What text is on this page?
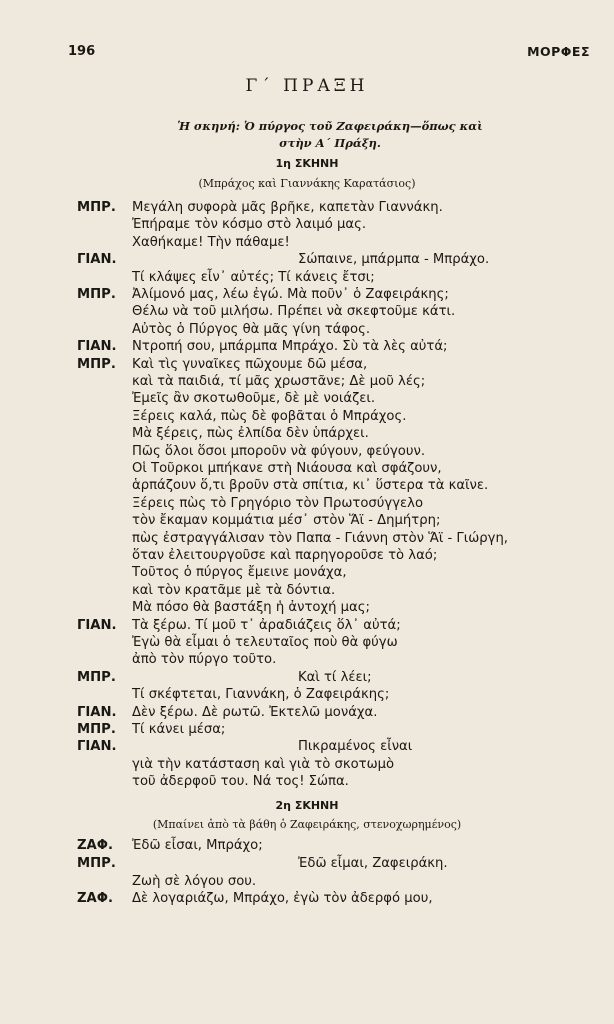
196	ΜΟΡΦΕΣ
Γ΄ ΠΡΑΞΗ
Ἡ σκηνή: Ὁ πύργος τοῦ Ζαφειράκη—ὅπως καὶ
στὴν Α΄ Πράξη.
1η ΣΚΗΝΗ
(Μπράχος καὶ Γιαννάκης Καρατάσιος)
ΜΠΡ. Μεγάλη συφορὰ μᾶς βρῆκε, καπετὰν Γιαννάκη.
Ἐπήραμε τὸν κόσμο στὸ λαιμό μας.
Χαθήκαμε! Τὴν πάθαμε!
ΓΙΑΝ.	Σώπαινε, μπάρμπα - Μπράχο.
Τί κλάψες εἶν᾽ αὐτές; Τί κάνεις ἔτσι;
ΜΠΡ. Ἀλίμονό μας, λέω ἐγώ. Μὰ ποῦν᾽ ὁ Ζαφειράκης;
Θέλω νὰ τοῦ μιλήσω. Πρέπει νὰ σκεφτοῦμε κάτι.
Αὐτὸς ὁ Πύργος θὰ μᾶς γίνη τάφος.
ΓΙΑΝ. Ντροπή σου, μπάρμπα Μπράχο. Σὺ τὰ λὲς αὐτά;
ΜΠΡ. Καὶ τὶς γυναῖκες πῶχουμε δῶ μέσα,
καὶ τὰ παιδιά, τί μᾶς χρωστᾶνε; Δὲ μοῦ λές;
Ἐμεῖς ἂν σκοτωθοῦμε, δὲ μὲ νοιάζει.
Ξέρεις καλά, πὼς δὲ φοβᾶται ὁ Μπράχος.
Μὰ ξέρεις, πὼς ἐλπίδα δὲν ὑπάρχει.
Πῶς ὅλοι ὅσοι μποροῦν νὰ φύγουν, φεύγουν.
Οἱ Τοῦρκοι μπήκανε στὴ Νιάουσα καὶ σφάζουν,
ἁρπάζουν ὅ,τι βροῦν στὰ σπίτια, κι᾽ ὕστερα τὰ καῖνε.
Ξέρεις πὼς τὸ Γρηγόριο τὸν Πρωτοσύγγελο
τὸν ἔκαμαν κομμάτια μέσ᾽ στὸν Ἅϊ - Δημήτρη;
πὼς ἐστραγγάλισαν τὸν Παπα - Γιάννη στὸν Ἅϊ - Γιώργη,
ὅταν ἐλειτουργοῦσε καὶ παρηγοροῦσε τὸ λαό;
Τοῦτος ὁ πύργος ἔμεινε μονάχα,
καὶ τὸν κρατᾶμε μὲ τὰ δόντια.
Μὰ πόσο θὰ βαστάξη ἡ ἀντοχή μας;
ΓΙΑΝ. Τὰ ξέρω. Τί μοῦ τ᾽ ἀραδιάζεις ὅλ᾽ αὐτά;
Ἐγὼ θὰ εἶμαι ὁ τελευταῖος ποὺ θὰ φύγω
ἀπὸ τὸν πύργο τοῦτο.
ΜΠΡ.	Καὶ τί λέει;
Τί σκέφτεται, Γιαννάκη, ὁ Ζαφειράκης;
ΓΙΑΝ. Δὲν ξέρω. Δὲ ρωτῶ. Ἐκτελῶ μονάχα.
ΜΠΡ. Τί κάνει μέσα;
ΓΙΑΝ.	Πικραμένος εἶναι
γιὰ τὴν κατάσταση καὶ γιὰ τὸ σκοτωμὸ
τοῦ ἀδερφοῦ του. Νά τος! Σώπα.
2η ΣΚΗΝΗ
(Μπαίνει ἀπὸ τὰ βάθη ὁ Ζαφειράκης, στενοχωρημένος)
ΖΑΦ. Ἐδῶ εἶσαι, Μπράχο;
ΜΠΡ.	Ἐδῶ εἶμαι, Ζαφειράκη.
Ζωὴ σὲ λόγου σου.
ΖΑΦ. Δὲ λογαριάζω, Μπράχο, ἐγὼ τὸν ἀδερφό μου,
